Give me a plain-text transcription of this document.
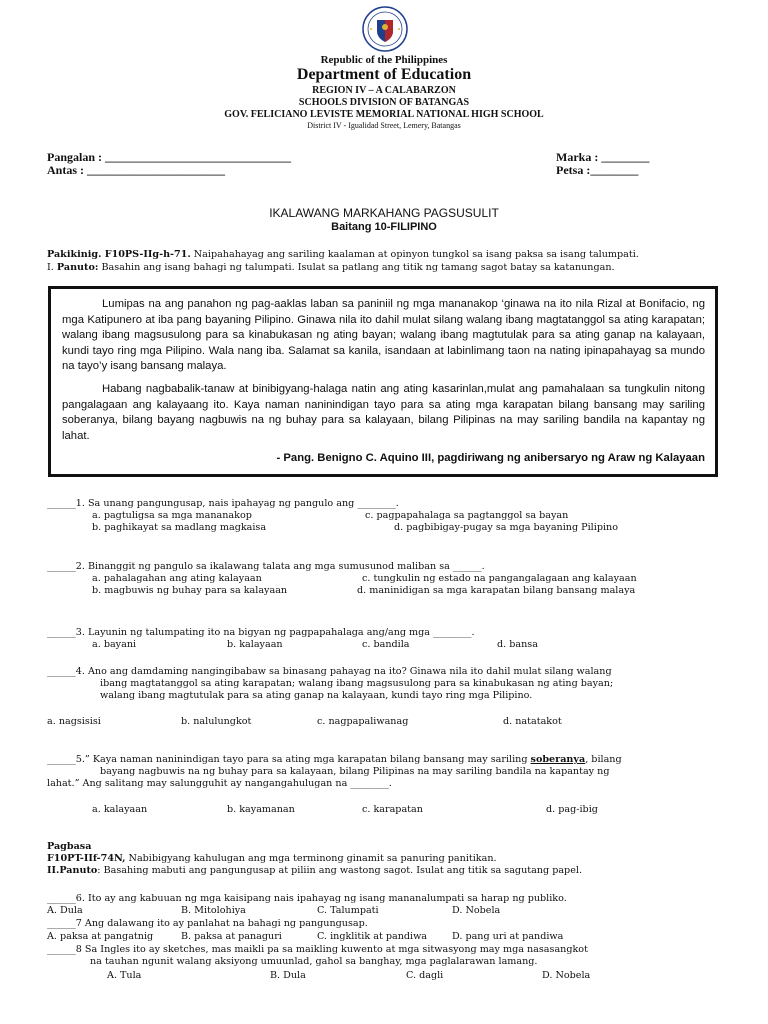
Republic of the Philippines
Department of Education
REGION IV – A CALABARZON
SCHOOLS DIVISION OF BATANGAS
GOV. FELICIANO LEVISTE MEMORIAL NATIONAL HIGH SCHOOL
District IV - Igualidad Street, Lemery, Batangas
Pangalan : _______________________________
Antas : _______________________
Marka : ________
Petsa :________
IKALAWANG MARKAHANG PAGSUSULIT
Baitang 10-FILIPINO
Pakikinig. F10PS-IIg-h-71. Naipahahayag ang sariling kaalaman at opinyon tungkol sa isang paksa sa isang talumpati.
I. Panuto: Basahin ang isang bahagi ng talumpati. Isulat sa patlang ang titik ng tamang sagot batay sa katanungan.

Lumipas na ang panahon ng pag-aaklas laban sa paniniil ng mga mananakop ‘ginawa na ito nila Rizal at Bonifacio, ng mga Katipunero at iba pang bayaning Pilipino. Ginawa nila ito dahil mulat silang walang ibang magtatanggol sa ating karapatan; walang ibang magsusulong para sa kinabukasan ng ating bayan; walang ibang magtutulak para sa ating ganap na kalayaan, kundi tayo ring mga Pilipino. Wala nang iba. Salamat sa kanila, isandaan at labinlimang taon na nating ipinapahayag sa mundo na tayo’y isang bansang malaya.

Habang nagbabalik-tanaw at binibigyang-halaga natin ang ating kasarinlan,mulat ang pamahalaan sa tungkulin nitong pangalagaan ang kalayaang ito. Kaya naman naninindigan tayo para sa ating mga karapatan bilang bansang may sariling soberanya, bilang bayang nagbuwis na ng buhay para sa kalayaan, bilang Pilipinas na may sariling bandila na kapantay ng lahat.

- Pang. Benigno C. Aquino III, pagdiriwang ng anibersaryo ng Araw ng Kalayaan

______1. Sa unang pangungusap, nais ipahayag ng pangulo ang ________.
a. pagtuligsa sa mga mananakop	c. pagpapahalaga sa pagtanggol sa bayan
b. paghikayat sa madlang magkaisa	d. pagbibigay-pugay sa mga bayaning Pilipino
______2. Binanggit ng pangulo sa ikalawang talata ang mga sumusunod maliban sa ______.
a. pahalagahan ang ating kalayaan	c. tungkulin ng estado na pangangalagaan ang kalayaan
b. magbuwis ng buhay para sa kalayaan	d. maninidigan sa mga karapatan bilang bansang malaya
______3. Layunin ng talumpating ito na bigyan ng pagpapahalaga ang/ang mga ________.
a. bayani	b. kalayaan	c. bandila	d. bansa
______4. Ano ang damdaming nangingibabaw sa binasang pahayag na ito? Ginawa nila ito dahil mulat silang walang
ibang magtatanggol sa ating karapatan; walang ibang magsusulong para sa kinabukasan ng ating bayan;
walang ibang magtutulak para sa ating ganap na kalayaan, kundi tayo ring mga Pilipino.
a. nagsisisi	b. nalulungkot	c. nagpapaliwanag	d. natatakot
______5.” Kaya naman naninindigan tayo para sa ating mga karapatan bilang bansang may sariling soberanya, bilang
bayang nagbuwis na ng buhay para sa kalayaan, bilang Pilipinas na may sariling bandila na kapantay ng
lahat.” Ang salitang may salungguhit ay nangangahulugan na ________.
a. kalayaan	b. kayamanan	c. karapatan	d. pag-ibig
Pagbasa
F10PT-IIf-74N, Nabibigyang kahulugan ang mga terminong ginamit sa panuring panitikan.
II.Panuto: Basahing mabuti ang pangungusap at piliin ang wastong sagot. Isulat ang titik sa sagutang papel.
______6. Ito ay ang kabuuan ng mga kaisipang nais ipahayag ng isang mananalumpati sa harap ng publiko.
A. Dula	B. Mitolohiya	C. Talumpati	D. Nobela
______7 Ang dalawang ito ay panlahat na bahagi ng pangungusap.
A. paksa at pangatnig	B. paksa at panaguri	C. ingklitik at pandiwa	D. pang uri at pandiwa
______8 Sa Ingles ito ay sketches, mas maikli pa sa maikling kuwento at mga sitwasyong may mga nasasangkot
na tauhan ngunit walang aksiyong umuunlad, gahol sa banghay, mga paglalarawan lamang.
A. Tula	B. Dula	C. dagli	D. Nobela
